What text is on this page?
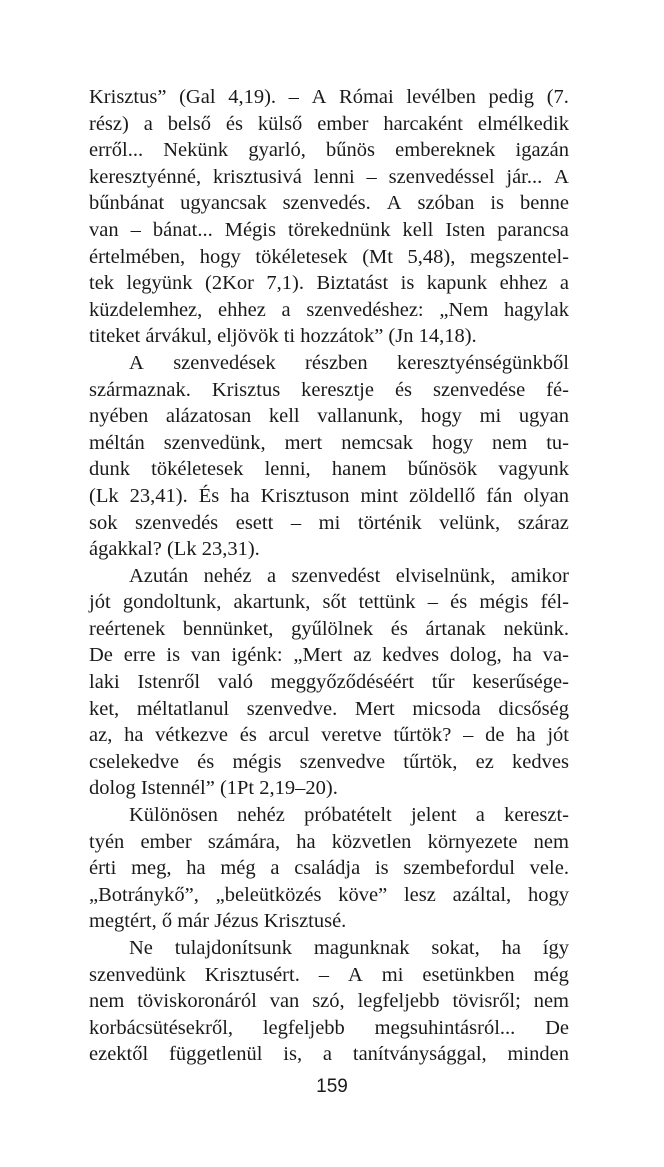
Krisztus” (Gal 4,19). – A Római levélben pedig (7.
rész) a belső és külső ember harcaként elmélkedik
erről... Nekünk gyarló, bűnös embereknek igazán
keresztyénné, krisztusivá lenni – szenvedéssel jár... A
bűnbánat ugyancsak szenvedés. A szóban is benne
van – bánat... Mégis törekednünk kell Isten parancsa
értelmében, hogy tökéletesek (Mt 5,48), megszentel-
tek legyünk (2Kor 7,1). Biztatást is kapunk ehhez a
küzdelemhez, ehhez a szenvedéshez: „Nem hagylak
titeket árvákul, eljövök ti hozzátok” (Jn 14,18).
A szenvedések részben keresztyénségünkből
származnak. Krisztus keresztje és szenvedése fé-
nyében alázatosan kell vallanunk, hogy mi ugyan
méltán szenvedünk, mert nemcsak hogy nem tu-
dunk tökéletesek lenni, hanem bűnösök vagyunk
(Lk 23,41). És ha Krisztuson mint zöldellő fán olyan
sok szenvedés esett – mi történik velünk, száraz
ágakkal? (Lk 23,31).
Azután nehéz a szenvedést elviselnünk, amikor
jót gondoltunk, akartunk, sőt tettünk – és mégis fél-
reértenek bennünket, gyűlölnek és ártanak nekünk.
De erre is van igénk: „Mert az kedves dolog, ha va-
laki Istenről való meggyőződéséért tűr keserűsége-
ket, méltatlanul szenvedve. Mert micsoda dicsőség
az, ha vétkezve és arcul veretve tűrtök? – de ha jót
cselekedve és mégis szenvedve tűrtök, ez kedves
dolog Istennél” (1Pt 2,19–20).
Különösen nehéz próbatételt jelent a kereszt-
tyén ember számára, ha közvetlen környezete nem
érti meg, ha még a családja is szembefordul vele.
„Botránykő”, „beleütközés köve” lesz azáltal, hogy
megtért, ő már Jézus Krisztusé.
Ne tulajdonítsunk magunknak sokat, ha így
szenvedünk Krisztusért. – A mi esetünkben még
nem töviskoronáról van szó, legfeljebb tövisről; nem
korbácsütésekről, legfeljebb megsuhintásról... De
ezektől függetlenül is, a tanítványsággal, minden
159
